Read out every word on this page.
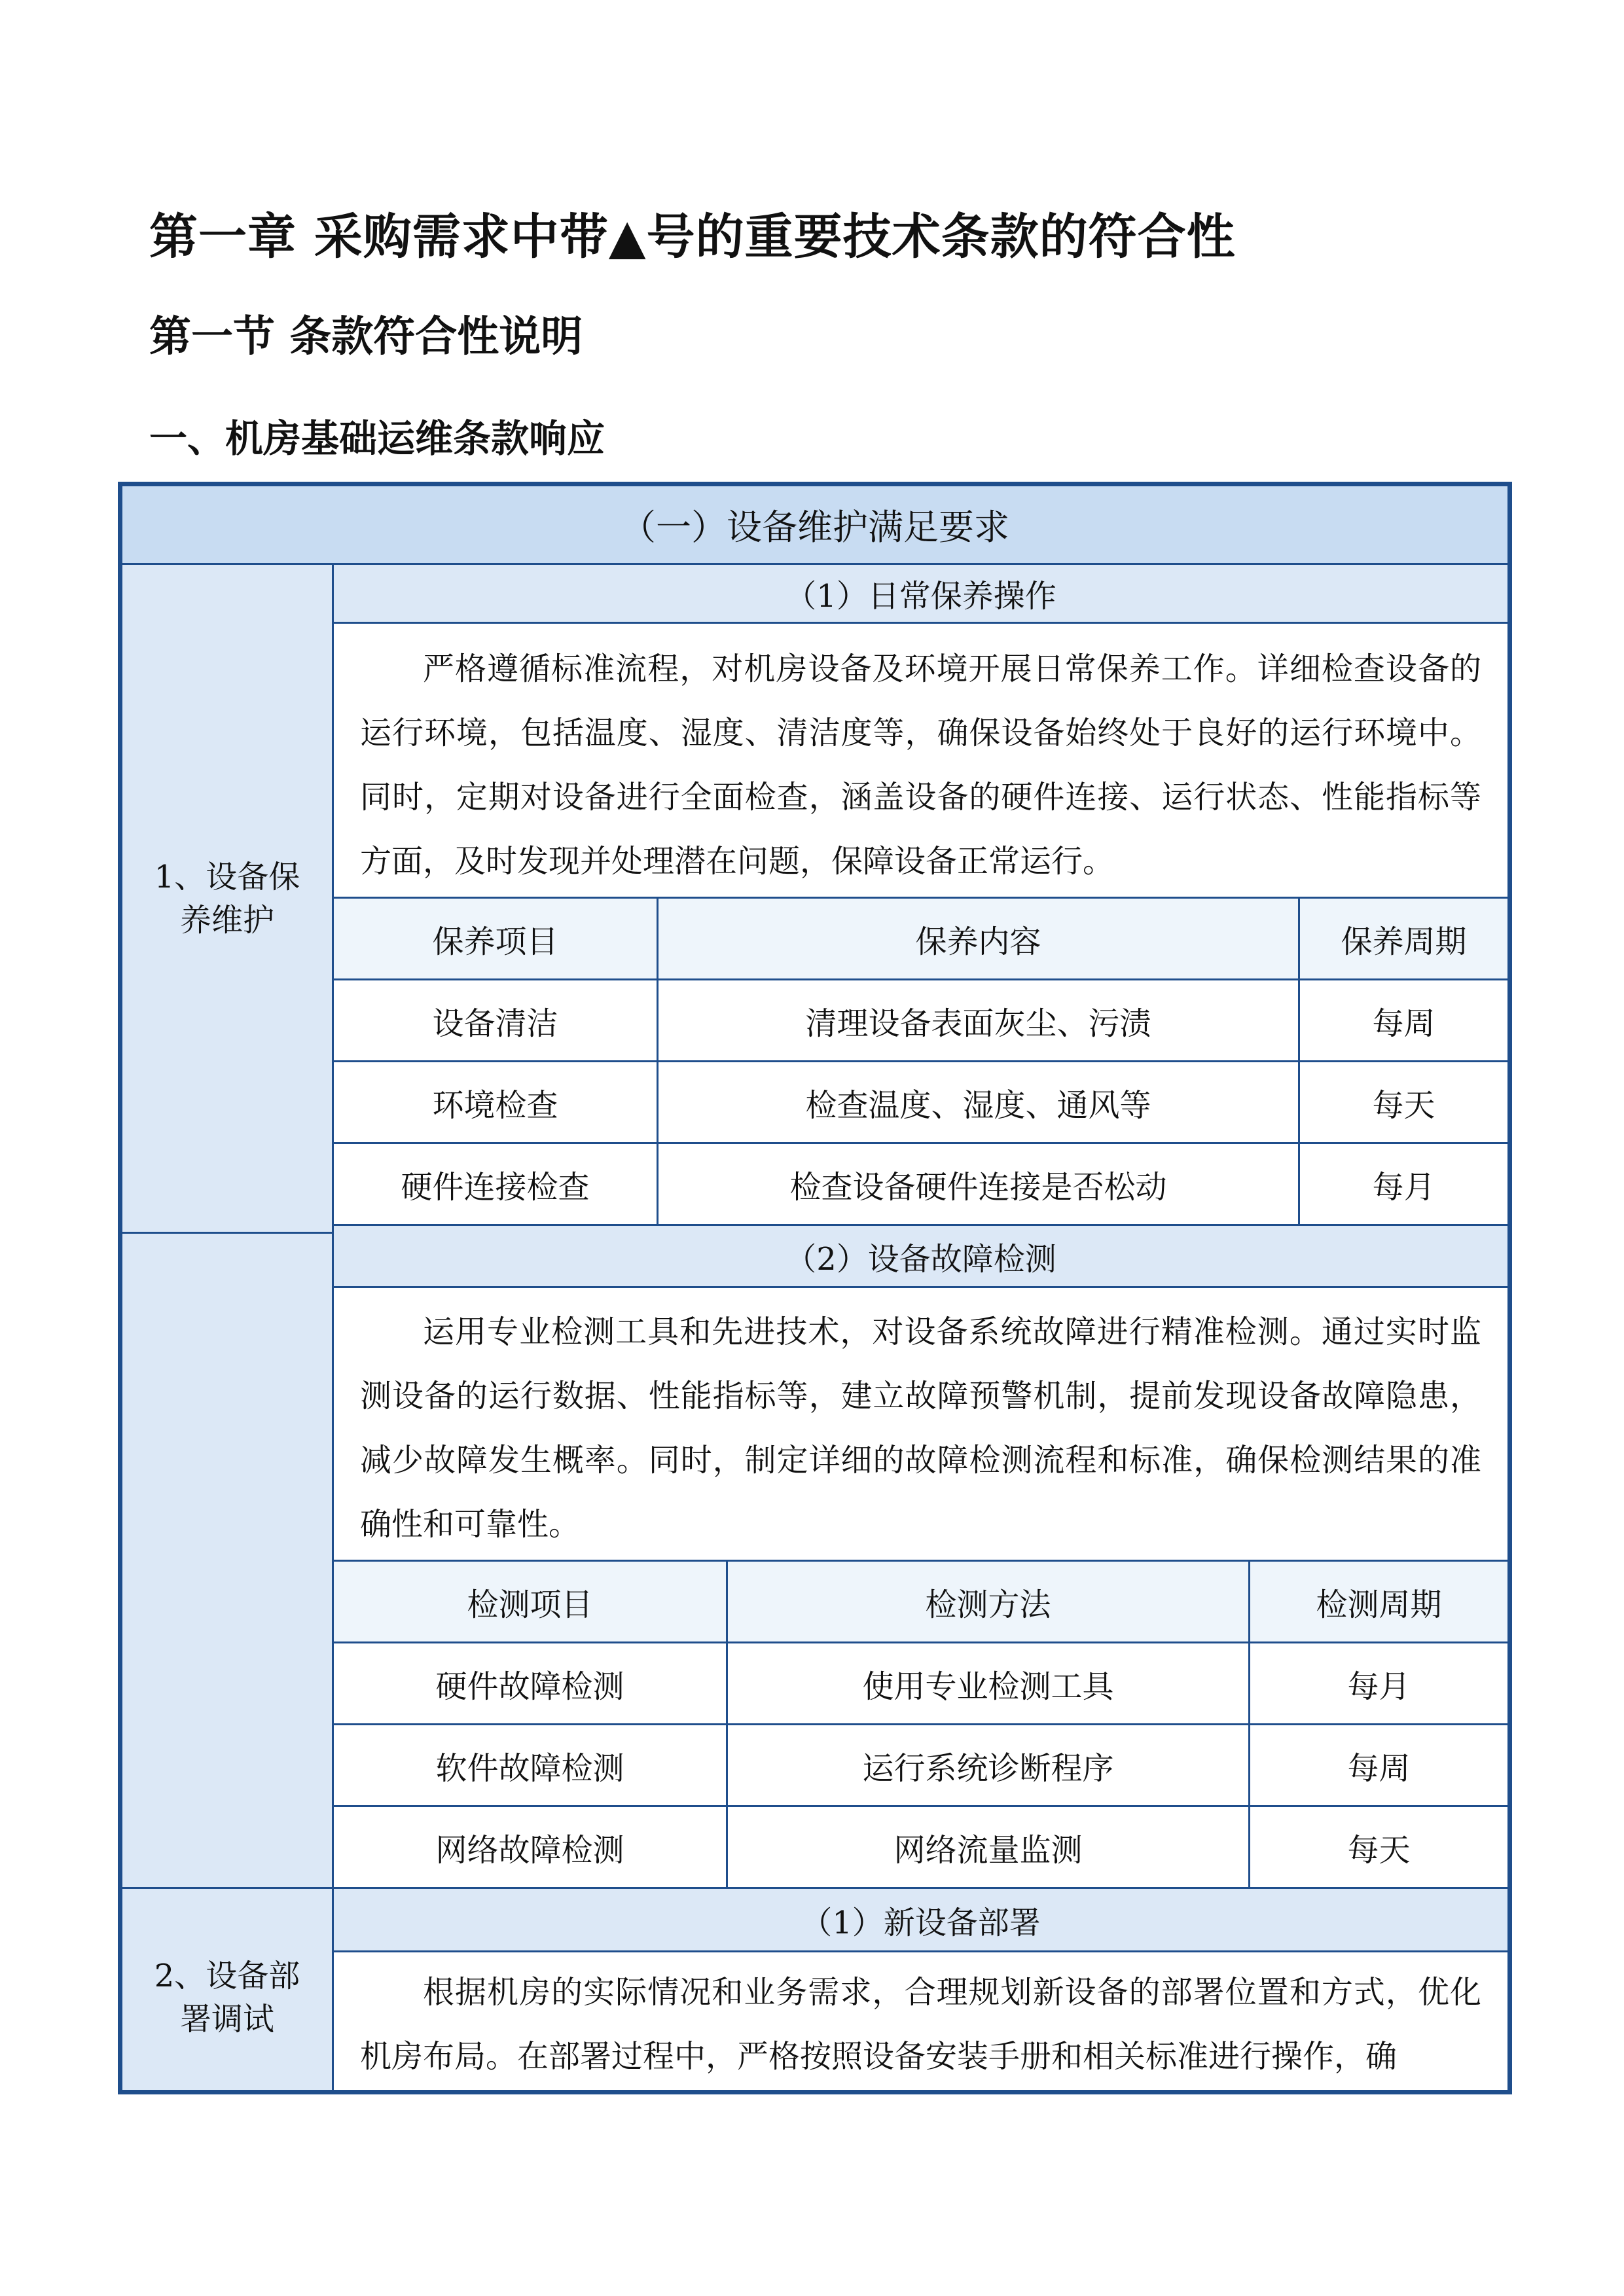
第一章 采购需求中带▲号的重要技术条款的符合性
第一节 条款符合性说明
一、机房基础运维条款响应
（一）设备维护满足要求
1、设备保
养维护
（1）日常保养操作
严格遵循标准流程，对机房设备及环境开展日常保养工作。详细检查设备的运行环境，包括温度、湿度、清洁度等，确保设备始终处于良好的运行环境中。同时，定期对设备进行全面检查，涵盖设备的硬件连接、运行状态、性能指标等方面，及时发现并处理潜在问题，保障设备正常运行。
保养项目	保养内容	保养周期
设备清洁	清理设备表面灰尘、污渍	每周
环境检查	检查温度、湿度、通风等	每天
硬件连接检查	检查设备硬件连接是否松动	每月
（2）设备故障检测
运用专业检测工具和先进技术，对设备系统故障进行精准检测。通过实时监测设备的运行数据、性能指标等，建立故障预警机制，提前发现设备故障隐患，减少故障发生概率。同时，制定详细的故障检测流程和标准，确保检测结果的准确性和可靠性。
检测项目	检测方法	检测周期
硬件故障检测	使用专业检测工具	每月
软件故障检测	运行系统诊断程序	每周
网络故障检测	网络流量监测	每天
2、设备部
署调试
（1）新设备部署
根据机房的实际情况和业务需求，合理规划新设备的部署位置和方式，优化机房布局。在部署过程中，严格按照设备安装手册和相关标准进行操作，确
